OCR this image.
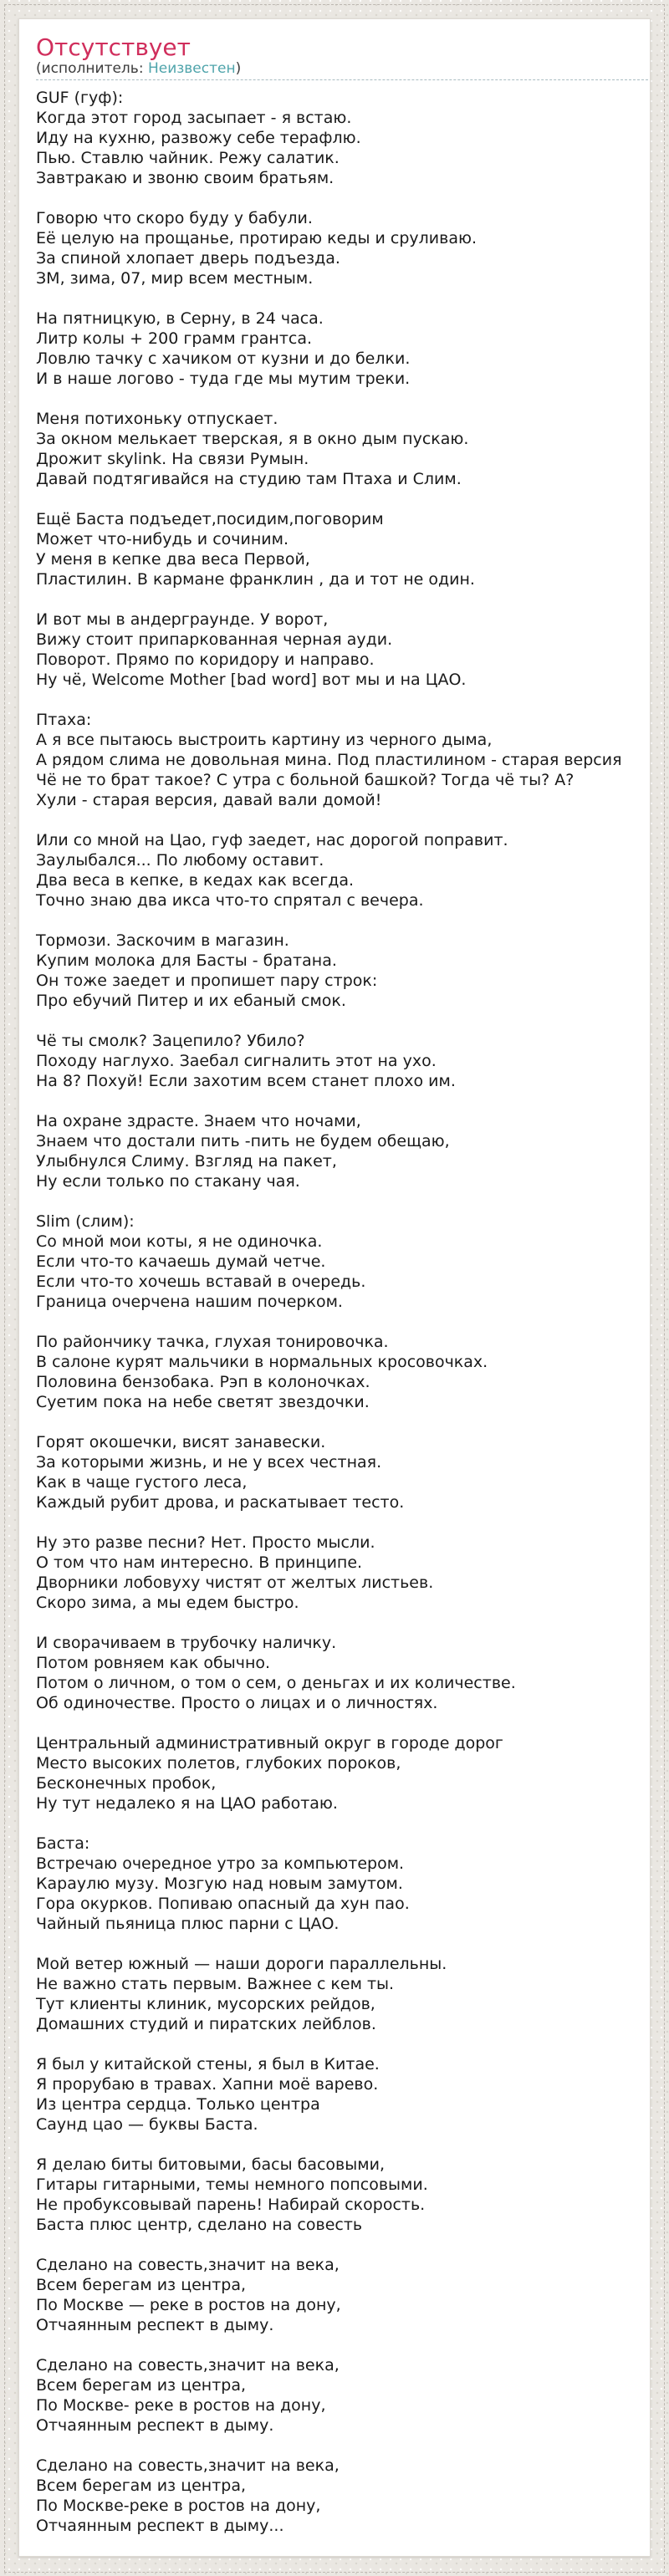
Отсутствует
(исполнитель: Неизвестен)

GUF (гуф):
Когда этот город засыпает - я встаю.
Иду на кухню, развожу себе терафлю.
Пью. Ставлю чайник. Режу салатик.
Завтракаю и звоню своим братьям.

Говорю что скоро буду у бабули.
Её целую на прощанье, протираю кеды и сруливаю.
За спиной хлопает дверь подъезда.
ЗМ, зима, 07, мир всем местным.

На пятницкую, в Серну, в 24 часа.
Литр колы + 200 грамм грантса.
Ловлю тачку с хачиком от кузни и до белки.
И в наше логово - туда где мы мутим треки.

Меня потихоньку отпускает.
За окном мелькает тверская, я в окно дым пускаю.
Дрожит skylink. На связи Румын.
Давай подтягивайся на студию там Птаха и Слим.

Ещё Баста подъедет,посидим,поговорим
Может что-нибудь и сочиним.
У меня в кепке два веса Первой,
Пластилин. В кармане франклин , да и тот не один.

И вот мы в андерграунде. У ворот,
Вижу стоит припаркованная черная ауди.
Поворот. Прямо по коридору и направо.
Ну чё, Welcome Mother [bad word] вот мы и на ЦАО.

Птаха:
А я все пытаюсь выстроить картину из черного дыма,
А рядом слима не довольная мина. Под пластилином - старая версия
Чё не то брат такое? С утра с больной башкой? Тогда чё ты? А?
Хули - старая версия, давай вали домой!

Или со мной на Цао, гуф заедет, нас дорогой поправит.
Заулыбался... По любому оставит.
Два веса в кепке, в кедах как всегда.
Точно знаю два икса что-то спрятал с вечера.

Тормози. Заскочим в магазин.
Купим молока для Басты - братана.
Он тоже заедет и пропишет пару строк:
Про ебучий Питер и их ебаный смок.

Чё ты смолк? Зацепило? Убило?
Походу наглухо. Заебал сигналить этот на ухо.
На 8? Похуй! Если захотим всем станет плохо им.

На охране здрасте. Знаем что ночами,
Знаем что достали пить -пить не будем обещаю,
Улыбнулся Слиму. Взгляд на пакет,
Ну если только по стакану чая.

Slim (слим):
Со мной мои коты, я не одиночка.
Если что-то качаешь думай четче.
Если что-то хочешь вставай в очередь.
Граница очерчена нашим почерком.

По райончику тачка, глухая тонировочка.
В салоне курят мальчики в нормальных кросовочках.
Половина бензобака. Рэп в колоночках.
Суетим пока на небе светят звездочки.

Горят окошечки, висят занавески.
За которыми жизнь, и не у всех честная.
Как в чаще густого леса,
Каждый рубит дрова, и раскатывает тесто.

Ну это разве песни? Нет. Просто мысли.
О том что нам интересно. В принципе.
Дворники лобовуху чистят от желтых листьев.
Скоро зима, а мы едем быстро.

И сворачиваем в трубочку наличку.
Потом ровняем как обычно.
Потом о личном, о том о сем, о деньгах и их количестве.
Об одиночестве. Просто о лицах и о личностях.

Центральный административный округ в городе дорог
Место высоких полетов, глубоких пороков,
Бесконечных пробок,
Ну тут недалеко я на ЦАО работаю.

Баста:
Встречаю очередное утро за компьютером.
Караулю музу. Мозгую над новым замутом.
Гора окурков. Попиваю опасный да хун пао.
Чайный пьяница плюс парни с ЦАО.

Мой ветер южный — наши дороги параллельны.
Не важно стать первым. Важнее с кем ты.
Тут клиенты клиник, мусорских рейдов,
Домашних студий и пиратских лейблов.

Я был у китайской стены, я был в Китае.
Я прорубаю в травах. Хапни моё варево.
Из центра сердца. Только центра
Саунд цао — буквы Баста.

Я делаю биты битовыми, басы басовыми,
Гитары гитарными, темы немного попсовыми.
Не пробуксовывай парень! Набирай скорость.
Баста плюс центр, сделано на совесть

Сделано на совесть,значит на века,
Всем берегам из центра,
По Москве — реке в ростов на дону,
Отчаянным респект в дыму.

Сделано на совесть,значит на века,
Всем берегам из центра,
По Москве- реке в ростов на дону,
Отчаянным респект в дыму.

Сделано на совесть,значит на века,
Всем берегам из центра,
По Москве-реке в ростов на дону,
Отчаянным респект в дыму...
